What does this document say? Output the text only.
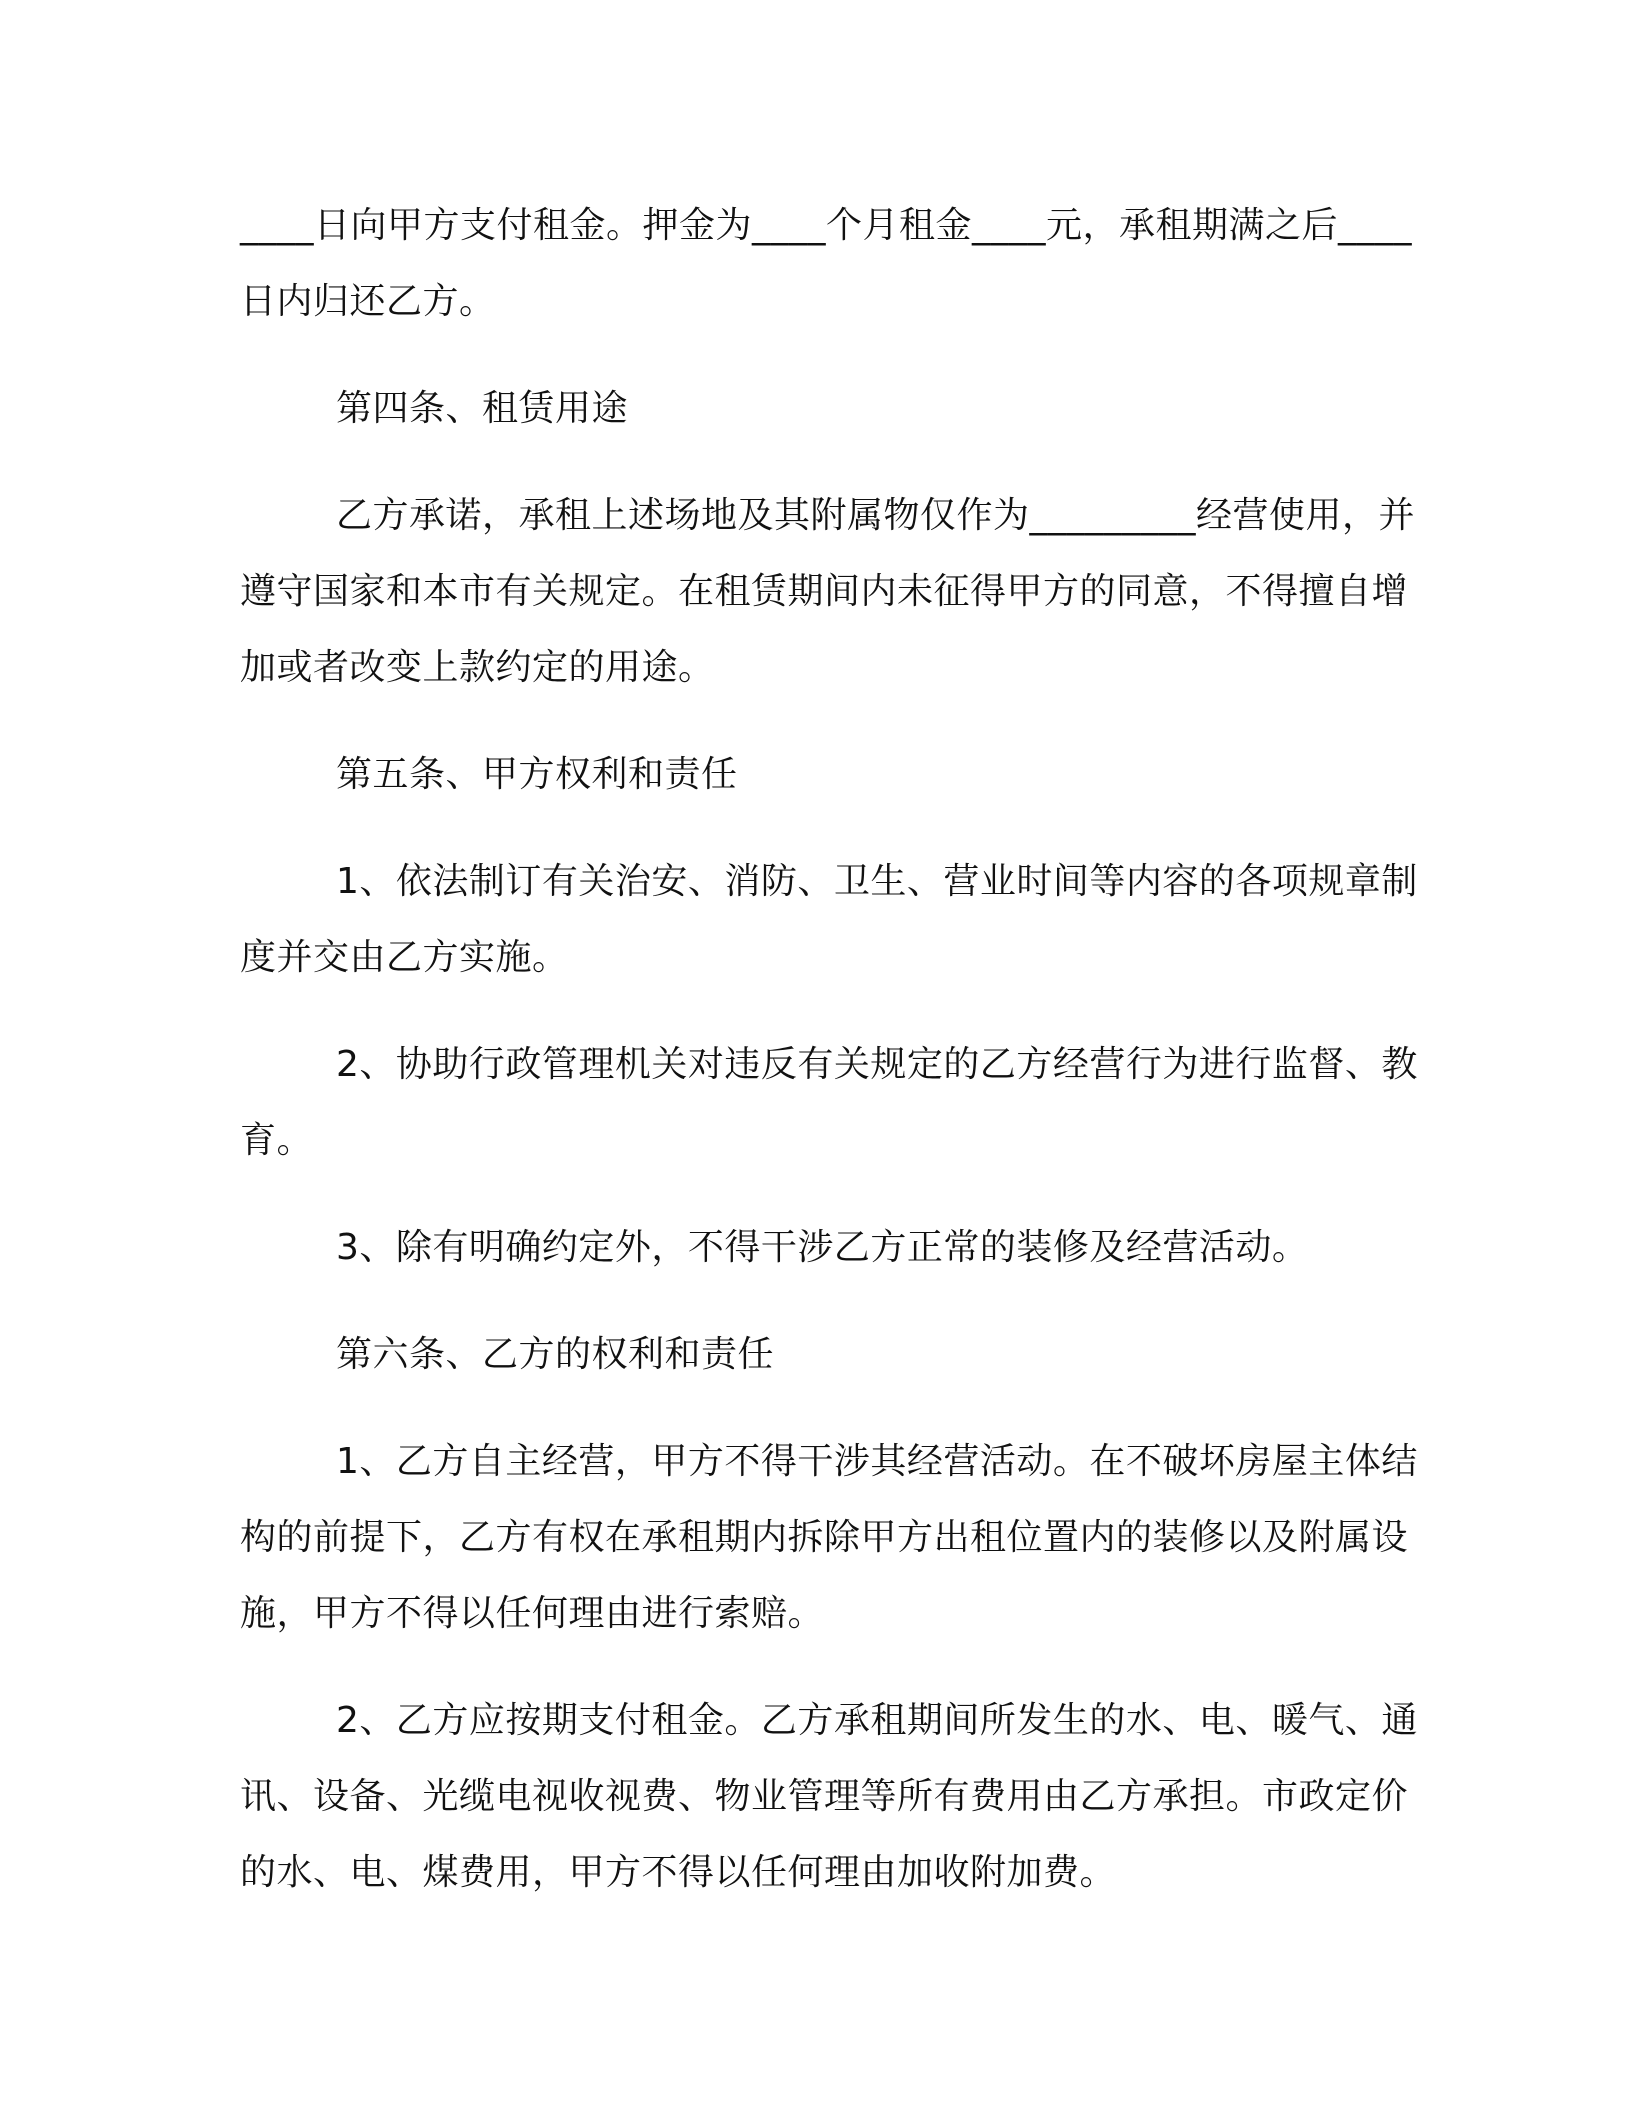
____日向甲方支付租金。押金为____个月租金____元，承租期满之后____日内归还乙方。

第四条、租赁用途

乙方承诺，承租上述场地及其附属物仅作为_________经营使用，并遵守国家和本市有关规定。在租赁期间内未征得甲方的同意，不得擅自增加或者改变上款约定的用途。

第五条、甲方权利和责任

1、依法制订有关治安、消防、卫生、营业时间等内容的各项规章制度并交由乙方实施。

2、协助行政管理机关对违反有关规定的乙方经营行为进行监督、教育。

3、除有明确约定外，不得干涉乙方正常的装修及经营活动。

第六条、乙方的权利和责任

1、乙方自主经营，甲方不得干涉其经营活动。在不破坏房屋主体结构的前提下，乙方有权在承租期内拆除甲方出租位置内的装修以及附属设施，甲方不得以任何理由进行索赔。

2、乙方应按期支付租金。乙方承租期间所发生的水、电、暖气、通讯、设备、光缆电视收视费、物业管理等所有费用由乙方承担。市政定价的水、电、煤费用，甲方不得以任何理由加收附加费。
